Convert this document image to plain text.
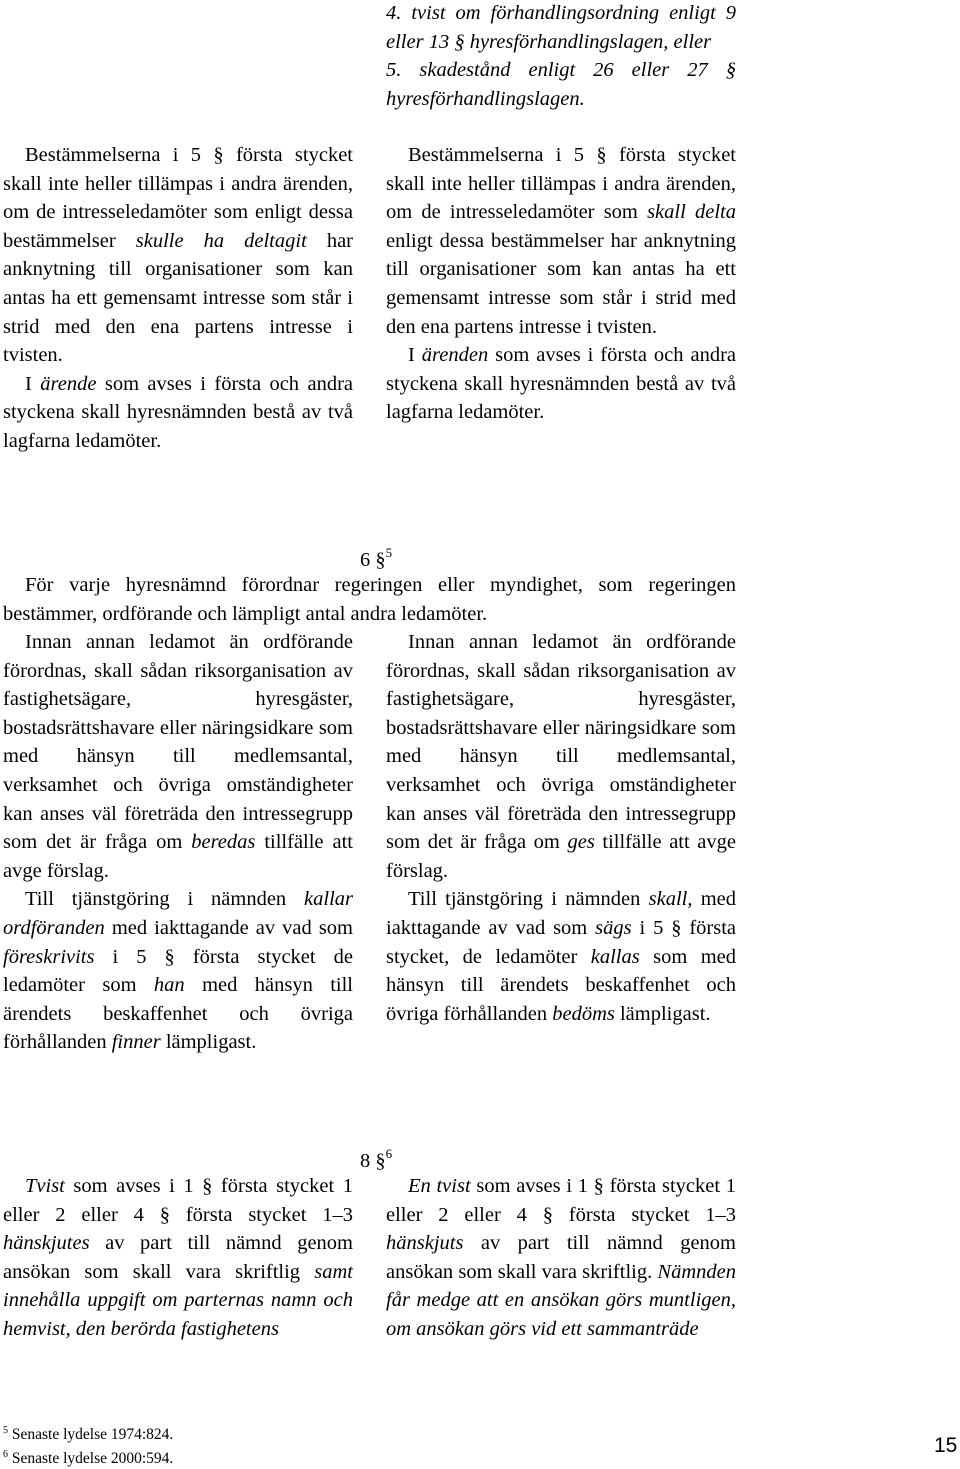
4. tvist om förhandlingsordning enligt 9 eller 13 § hyresförhandlingslagen, eller

5. skadestånd enligt 26 eller 27 § hyresförhandlingslagen.

Bestämmelserna i 5 § första stycket skall inte heller tillämpas i andra ärenden, om de intresseledamöter som enligt dessa bestämmelser skulle ha deltagit har anknytning till organisationer som kan antas ha ett gemensamt intresse som står i strid med den ena partens intresse i tvisten.

I ärende som avses i första och andra styckena skall hyresnämnden bestå av två lagfarna ledamöter.

Bestämmelserna i 5 § första stycket skall inte heller tillämpas i andra ärenden, om de intresseledamöter som skall delta enligt dessa bestämmelser har anknytning till organisationer som kan antas ha ett gemensamt intresse som står i strid med den ena partens intresse i tvisten.

I ärenden som avses i första och andra styckena skall hyresnämnden bestå av två lagfarna ledamöter.

6 §$^5$

För varje hyresnämnd förordnar regeringen eller myndighet, som regeringen bestämmer, ordförande och lämpligt antal andra ledamöter.

Innan annan ledamot än ordförande förordnas, skall sådan riksorganisation av fastighetsägare, hyresgäster, bostadsrättshavare eller näringsidkare som med hänsyn till medlemsantal, verksamhet och övriga omständigheter kan anses väl företräda den intressegrupp som det är fråga om beredas tillfälle att avge förslag.

Till tjänstgöring i nämnden kallar ordföranden med iakttagande av vad som föreskrivits i 5 § första stycket de ledamöter som han med hänsyn till ärendets beskaffenhet och övriga förhållanden finner lämpligast.

Innan annan ledamot än ordförande förordnas, skall sådan riksorganisation av fastighetsägare, hyresgäster, bostadsrättshavare eller näringsidkare som med hänsyn till medlemsantal, verksamhet och övriga omständigheter kan anses väl företräda den intressegrupp som det är fråga om ges tillfälle att avge förslag.

Till tjänstgöring i nämnden skall, med iakttagande av vad som sägs i 5 § första stycket, de ledamöter kallas som med hänsyn till ärendets beskaffenhet och övriga förhållanden bedöms lämpligast.

8 §$^6$

Tvist som avses i 1 § första stycket 1 eller 2 eller 4 § första stycket 1–3 hänskjutes av part till nämnd genom ansökan som skall vara skriftlig samt innehålla uppgift om parternas namn och hemvist, den berörda fastighetens

En tvist som avses i 1 § första stycket 1 eller 2 eller 4 § första stycket 1–3 hänskjuts av part till nämnd genom ansökan som skall vara skriftlig. Nämnden får medge att en ansökan görs muntligen, om ansökan görs vid ett sammanträde

$^5$ Senaste lydelse 1974:824.
$^6$ Senaste lydelse 2000:594.
15
